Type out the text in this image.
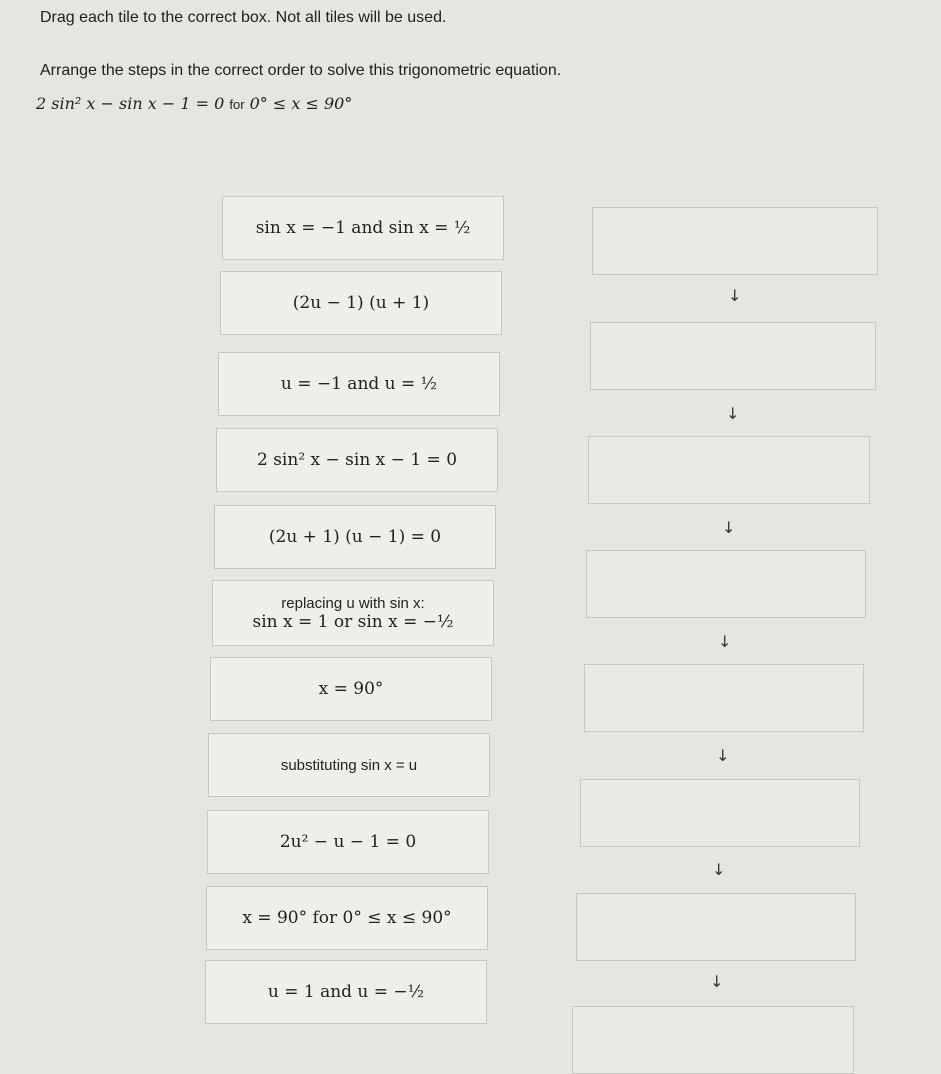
Drag each tile to the correct box. Not all tiles will be used.
Arrange the steps in the correct order to solve this trigonometric equation.
2 sin² x − sin x − 1 = 0 for 0° ≤ x ≤ 90°
sin x = −1 and sin x = ½
(2u − 1) (u + 1)
u = −1 and u = ½
2 sin² x − sin x − 1 = 0
(2u + 1) (u − 1) = 0
replacing u with sin x:
sin x = 1 or sin x = −½
x = 90°
substituting sin x = u
2u² − u − 1 = 0
x = 90° for 0° ≤ x ≤ 90°
u = 1 and u = −½
↓
↓
↓
↓
↓
↓
↓
